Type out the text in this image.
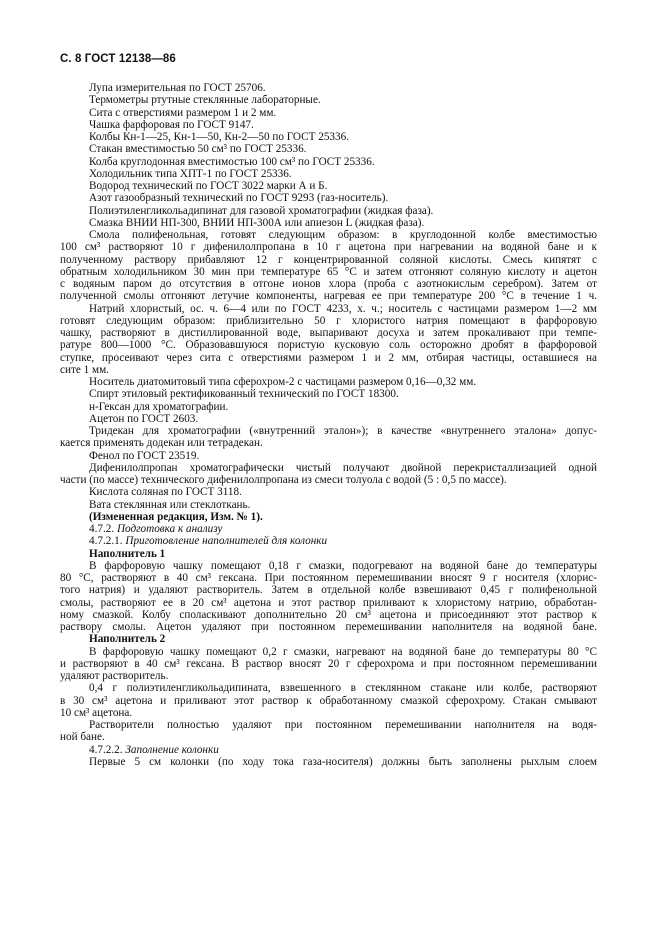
С. 8 ГОСТ 12138—86
Лупа измерительная по ГОСТ 25706.
Термометры ртутные стеклянные лабораторные.
Сита с отверстиями размером 1 и 2 мм.
Чашка фарфоровая по ГОСТ 9147.
Колбы Кн-1—25, Кн-1—50, Кн-2—50 по ГОСТ 25336.
Стакан вместимостью 50 см³ по ГОСТ 25336.
Колба круглодонная вместимостью 100 см³ по ГОСТ 25336.
Холодильник типа ХПТ-1 по ГОСТ 25336.
Водород технический по ГОСТ 3022 марки А и Б.
Азот газообразный технический по ГОСТ 9293 (газ-носитель).
Полиэтиленгликольадипинат для газовой хроматографии (жидкая фаза).
Смазка ВНИИ НП-300, ВНИИ НП-300А или апиезон L (жидкая фаза).
Смола полифенольная, готовят следующим образом: в круглодонной колбе вместимостью
100 см³ растворяют 10 г дифенилолпропана в 10 г ацетона при нагревании на водяной бане и к
полученному раствору прибавляют 12 г концентрированной соляной кислоты. Смесь кипятят с
обратным холодильником 30 мин при температуре 65 °С и затем отгоняют соляную кислоту и ацетон
с водяным паром до отсутствия в отгоне ионов хлора (проба с азотнокислым серебром). Затем от
полученной смолы отгоняют летучие компоненты, нагревая ее при температуре 200 °С в течение 1 ч.
Натрий хлористый, ос. ч. 6—4 или по ГОСТ 4233, х. ч.; носитель с частицами размером 1—2 мм
готовят следующим образом: приблизительно 50 г хлористого натрия помещают в фарфоровую
чашку, растворяют в дистиллированной воде, выпаривают досуха и затем прокаливают при темпе-
ратуре 800—1000 °С. Образовавшуюся пористую кусковую соль осторожно дробят в фарфоровой
ступке, просеивают через сита с отверстиями размером 1 и 2 мм, отбирая частицы, оставшиеся на
сите 1 мм.
Носитель диатомитовый типа сферохром-2 с частицами размером 0,16—0,32 мм.
Спирт этиловый ректификованный технический по ГОСТ 18300.
н-Гексан для хроматографии.
Ацетон по ГОСТ 2603.
Тридекан для хроматографии («внутренний эталон»); в качестве «внутреннего эталона» допус-
кается применять додекан или тетрадекан.
Фенол по ГОСТ 23519.
Дифенилолпропан хроматографически чистый получают двойной перекристаллизацией одной
части (по массе) технического дифенилолпропана из смеси толуола с водой (5 : 0,5 по массе).
Кислота соляная по ГОСТ 3118.
Вата стеклянная или стеклоткань.
(Измененная редакция, Изм. № 1).
4.7.2. Подготовка к анализу
4.7.2.1. Приготовление наполнителей для колонки
Наполнитель 1
В фарфоровую чашку помещают 0,18 г смазки, подогревают на водяной бане до температуры
80 °С, растворяют в 40 см³ гексана. При постоянном перемешивании вносят 9 г носителя (хлорис-
того натрия) и удаляют растворитель. Затем в отдельной колбе взвешивают 0,45 г полифенольной
смолы, растворяют ее в 20 см³ ацетона и этот раствор приливают к хлористому натрию, обработан-
ному смазкой. Колбу споласкивают дополнительно 20 см³ ацетона и присоединяют этот раствор к
раствору смолы. Ацетон удаляют при постоянном перемешивании наполнителя на водяной бане.
Наполнитель 2
В фарфоровую чашку помещают 0,2 г смазки, нагревают на водяной бане до температуры 80 °С
и растворяют в 40 см³ гексана. В раствор вносят 20 г сферохрома и при постоянном перемешивании
удаляют растворитель.
0,4 г полиэтиленгликольадипината, взвешенного в стеклянном стакане или колбе, растворяют
в 30 см³ ацетона и приливают этот раствор к обработанному смазкой сферохрому. Стакан смывают
10 см³ ацетона.
Растворители полностью удаляют при постоянном перемешивании наполнителя на водя-
ной бане.
4.7.2.2. Заполнение колонки
Первые 5 см колонки (по ходу тока газа-носителя) должны быть заполнены рыхлым слоем
